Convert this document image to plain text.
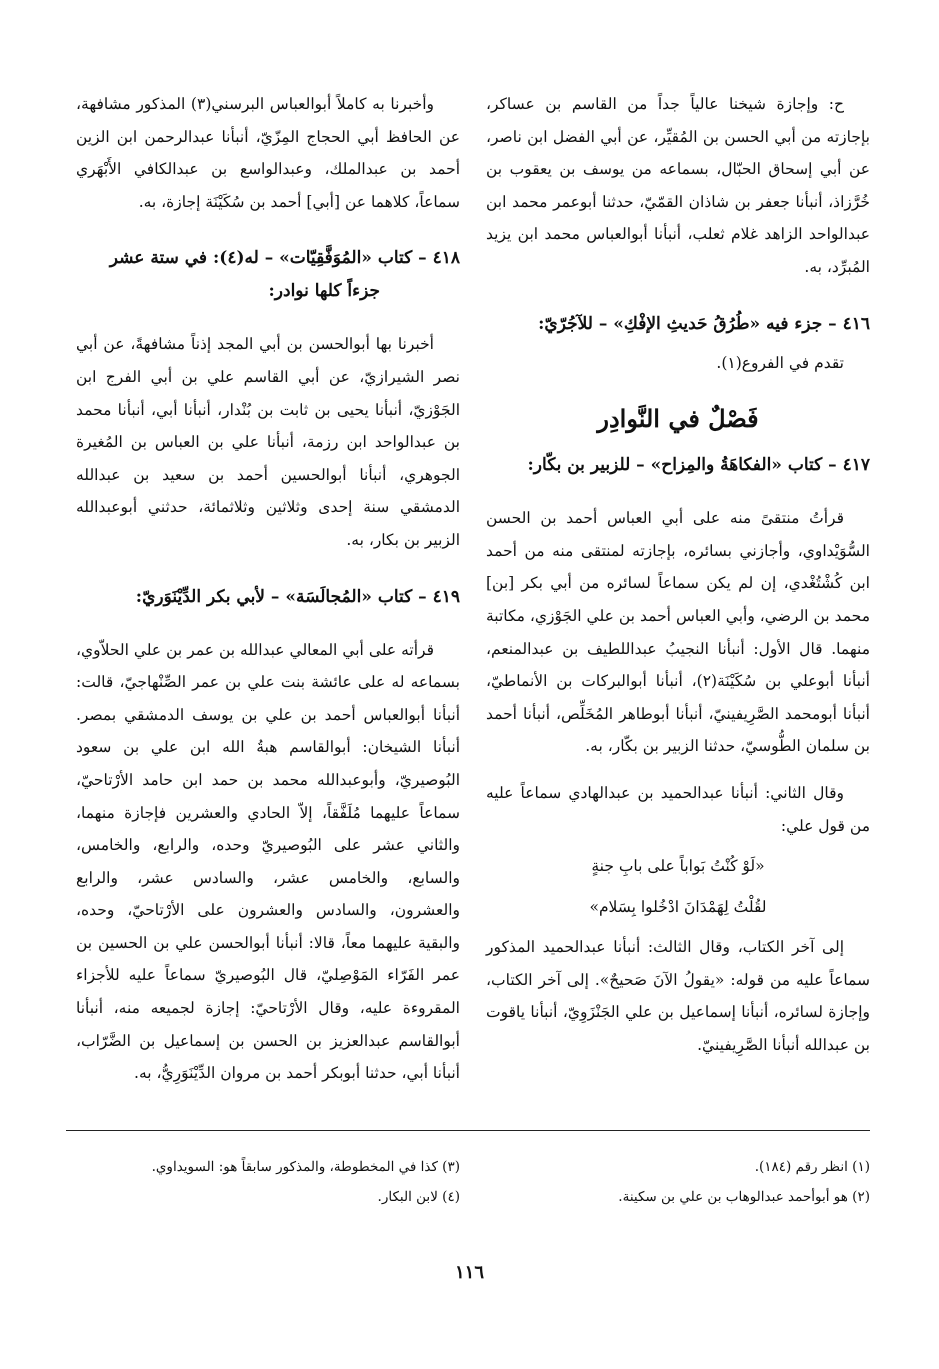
ح: وإجازة شيخنا عالياً جداً من القاسم بن عساكر، بإجازته من أبي الحسن بن المُقيِّر، عن أبي الفضل ابن ناصر، عن أبي إسحاق الحبّال، بسماعه من يوسف بن يعقوب بن خُرَّزاذ، أنبأنا جعفر بن شاذان القمّيّ، حدثنا أبوعمر محمد ابن عبدالواحد الزاهد غلام ثعلب، أنبأنا أبوالعباس محمد ابن يزيد المُبرِّد، به.

٤١٦ – جزء فيه «طُرُقُ حَديثِ الإفْكِ» – للآجُرّيّ:

تقدم في الفروع(١).

فَصْلٌ في النَّوادِر

٤١٧ – كتاب «الفكاهَةُ والمِزاح» – للزبير بن بكّار:

قرأتُ منتقىً منه على أبي العباس أحمد بن الحسن السُّوَيْداوي، وأجازني بسائره، بإجازته لمنتقى منه من أحمد ابن كُشْتُغْدي، إن لم يكن سماعاً لسائره من أبي بكر [بن] محمد بن الرضي، وأبي العباس أحمد بن علي الجَوْزي، مكاتبة منهما. قال الأول: أنبأنا النجيبُ عبداللطيف بن عبدالمنعم، أنبأنا أبوعلي بن سُكَيْنَة(٢)، أنبأنا أبوالبركات بن الأنماطيّ، أنبأنا أبومحمد الصَّرِيفينيّ، أنبأنا أبوطاهر المُخَلِّص، أنبأنا أحمد بن سلمان الطُّوسيّ، حدثنا الزبير بن بكّار، به.

وقال الثاني: أنبأنا عبدالحميد بن عبدالهادي سماعاً عليه من قول علي:

«لَوْ كُنْتُ بَواباً على بابِ جنةٍ

لقُلْتُ لِهَمْدَانَ ادْخُلوا بِسَلام»

إلى آخر الكتاب، وقال الثالث: أنبأنا عبدالحميد المذكور سماعاً عليه من قوله: «يقولُ الآنَ صَحيحٌ». إلى آخر الكتاب، وإجازة لسائره، أنبأنا إسماعيل بن علي الجَنْزَوِيّ، أنبأنا ياقوت بن عبدالله أنبأنا الصَّرِيفينيّ.

وأخبرنا به كاملاً أبوالعباس البرسني(٣) المذكور مشافهة، عن الحافظ أبي الحجاج المِزّيّ، أنبأنا عبدالرحمن ابن الزين أحمد بن عبدالملك، وعبدالواسع بن عبدالكافي الأَبْهَري سماعاً، كلاهما عن [أبي] أحمد بن سُكَيْنَة إجازة، به.

٤١٨ – كتاب «المُوَفَّقِيّات» – له(٤): في ستة عشر
جزءاً كلها نوادر:

أخبرنا بها أبوالحسن بن أبي المجد إذناً مشافهةً، عن أبي نصر الشيرازيّ، عن أبي القاسم علي بن أبي الفرج ابن الجَوْزيّ، أنبأنا يحيى بن ثابت بن بُنْدار، أنبأنا أبي، أنبأنا محمد بن عبدالواحد ابن رزمة، أنبأنا علي بن العباس بن المُغيرة الجوهري، أنبأنا أبوالحسين أحمد بن سعيد بن عبدالله الدمشقي سنة إحدى وثلاثين وثلاثمائة، حدثني أبوعبدالله الزبير بن بكار، به.

٤١٩ – كتاب «المُجالَسَة» – لأبي بكر الدِّيْنَوَريّ:

قرأته على أبي المعالي عبدالله بن عمر بن علي الحلاّوي، بسماعه له على عائشة بنت علي بن عمر الصِّنْهاجيّ، قالت: أنبأنا أبوالعباس أحمد بن علي بن يوسف الدمشقي بمصر. أنبأنا الشيخان: أبوالقاسم هبةُ الله ابن علي بن سعود البُوصيريّ، وأبوعبدالله محمد بن حمد ابن حامد الأرْتاحيّ، سماعاً عليهما مُلَفَّقاً، إلاّ الحادي والعشرين فإجازة منهما، والثاني عشر على البُوصيريّ وحده، والرابع، والخامس، والسابع، والخامس عشر، والسادس عشر، والرابع والعشرون، والسادس والعشرون على الأرْتاحيّ، وحده، والبقية عليهما معاً، قالا: أنبأنا أبوالحسن علي بن الحسين بن عمر الفَرّاء المَوْصِليّ، قال البُوصيريّ سماعاً عليه للأجزاء المقروءة عليه، وقال الأرْتاحيّ: إجازة لجميعه منه، أنبأنا أبوالقاسم عبدالعزيز بن الحسن بن إسماعيل بن الضَّرّاب، أنبأنا أبي، حدثنا أبوبكر أحمد بن مروان الدِّيْنَوَرِيُّ، به.

(١) انظر رقم (١٨٤).

(٢) هو أبوأحمد عبدالوهاب بن علي بن سكينة.

(٣) كذا في المخطوطة، والمذكور سابقاً هو: السويداوي.

(٤) لابن البكار.

١١٦
